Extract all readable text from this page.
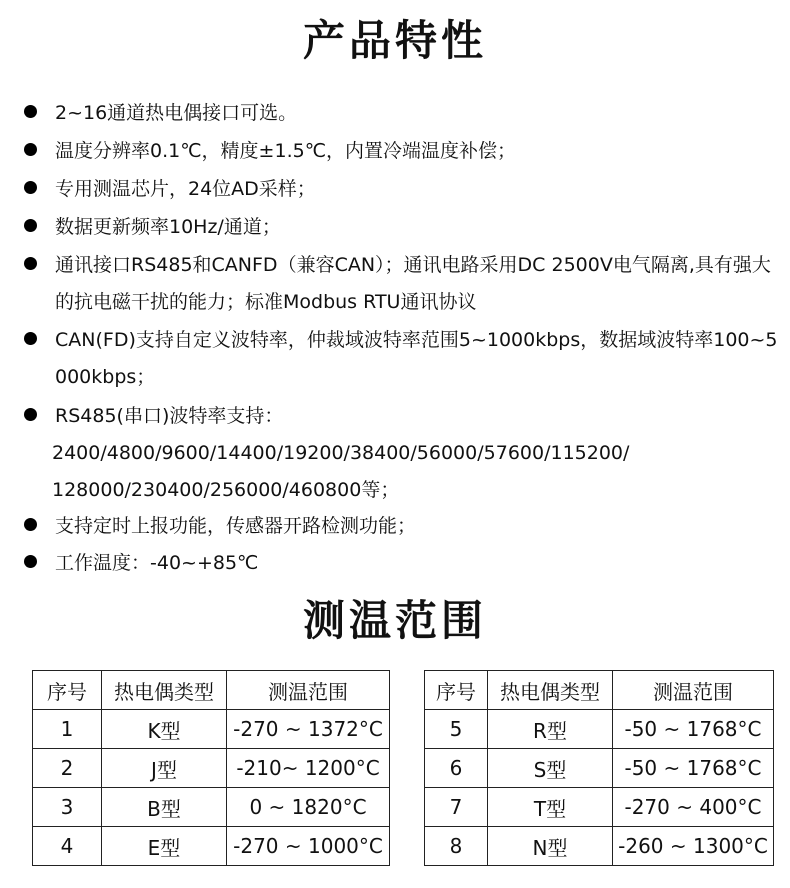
产品特性
2~16通道热电偶接口可选。
温度分辨率0.1℃，精度±1.5℃，内置冷端温度补偿；
专用测温芯片，24位AD采样；
数据更新频率10Hz/通道；
通讯接口RS485和CANFD（兼容CAN）；通讯电路采用DC 2500V电气隔离,具有强大的抗电磁干扰的能力；标准Modbus RTU通讯协议
CAN(FD)支持自定义波特率，仲裁域波特率范围5~1000kbps，数据域波特率100~5000kbps；
RS485(串口)波特率支持：
2400/4800/9600/14400/19200/38400/56000/57600/115200/
128000/230400/256000/460800等；
支持定时上报功能，传感器开路检测功能；
工作温度：-40~+85℃
测温范围
序号	热电偶类型	测温范围
1	K型	-270 ~ 1372°C
2	J型	-210~ 1200°C
3	B型	0 ~ 1820°C
4	E型	-270 ~ 1000°C
序号	热电偶类型	测温范围
5	R型	-50 ~ 1768°C
6	S型	-50 ~ 1768°C
7	T型	-270 ~ 400°C
8	N型	-260 ~ 1300°C
